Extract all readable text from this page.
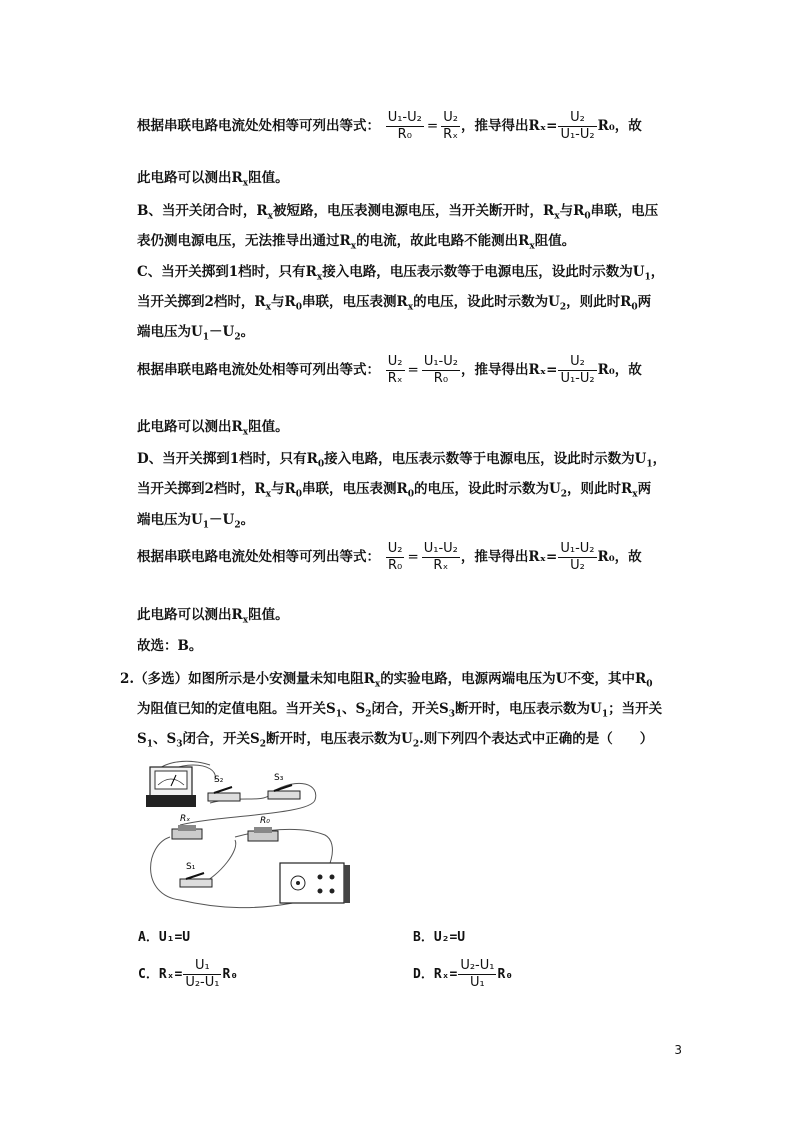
根据串联电路电流处处相等可列出等式： $\frac{\text{U₁-U₂}}{\text{R₀}} = \frac{\text{U₂}}{\text{Rₓ}}$ ，推导得出$R_x= \frac{\text{U₂}}{\text{U₁-U₂}} R_0$，故
此电路可以测出$R_x$阻值。
B、当开关闭合时，$R_x$被短路，电压表测电源电压，当开关断开时，$R_x$与$R_0$串联，电压
表仍测电源电压，无法推导出通过$R_x$的电流，故此电路不能测出$R_x$阻值。
C、当开关掷到1档时，只有$R_x$接入电路，电压表示数等于电源电压，设此时示数为$U_1$，
当开关掷到2档时，$R_x$与$R_0$串联，电压表测$R_x$的电压，设此时示数为$U_2$，则此时$R_0$两
端电压为$U_1-U_2$。
根据串联电路电流处处相等可列出等式： $\frac{\text{U₂}}{\text{Rₓ}} = \frac{\text{U₁-U₂}}{\text{R₀}}$ ，推导得出$R_x= \frac{\text{U₂}}{\text{U₁-U₂}} R_0$，故
此电路可以测出$R_x$阻值。
D、当开关掷到1档时，只有$R_0$接入电路，电压表示数等于电源电压，设此时示数为$U_1$，
当开关掷到2档时，$R_x$与$R_0$串联，电压表测$R_0$的电压，设此时示数为$U_2$，则此时$R_x$两
端电压为$U_1-U_2$。
根据串联电路电流处处相等可列出等式： $\frac{\text{U₂}}{\text{R₀}} = \frac{\text{U₁-U₂}}{\text{Rₓ}}$ ，推导得出$R_x= \frac{\text{U₁-U₂}}{\text{U₂}} R_0$，故
此电路可以测出$R_x$阻值。
故选：B。
2.（多选）如图所示是小安测量未知电阻$R_x$的实验电路，电源两端电压为U不变，其中$R_0$
为阻值已知的定值电阻。当开关$S_1$、$S_2$闭合，开关$S_3$断开时，电压表示数为$U_1$；当开关
$S_1$、$S_3$闭合，开关$S_2$断开时，电压表示数为$U_2$.则下列四个表达式中正确的是（　　）
S₂	S₃
Rₓ	R₀
S₁
A．U₁=U	B．U₂=U
C．$R_x= \frac{\text{U₁}}{\text{U₂-U₁}} R_0$	D．$R_x= \frac{\text{U₂-U₁}}{\text{U₁}} R_0$
3
